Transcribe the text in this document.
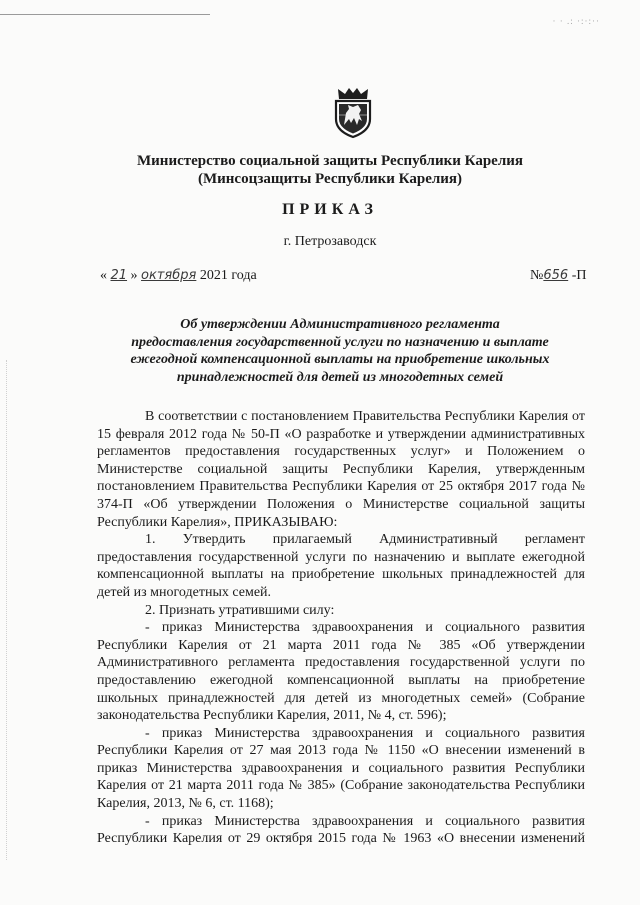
· · .: ·:·:··
Министерство социальной защиты Республики Карелия
(Минсоцзащиты Республики Карелия)
ПРИКАЗ
г. Петрозаводск
« 21 » октября 2021 года	№656 -П
Об утверждении Административного регламента
предоставления государственной услуги по назначению и выплате
ежегодной компенсационной выплаты на приобретение школьных
принадлежностей для детей из многодетных семей

В соответствии с постановлением Правительства Республики Карелия от 15 февраля 2012 года № 50-П «О разработке и утверждении административных регламентов предоставления государственных услуг» и Положением о Министерстве социальной защиты Республики Карелия, утвержденным постановлением Правительства Республики Карелия от 25 октября 2017 года № 374-П «Об утверждении Положения о Министерстве социальной защиты Республики Карелия», ПРИКАЗЫВАЮ:

1. Утвердить прилагаемый Административный регламент предоставления государственной услуги по назначению и выплате ежегодной компенсационной выплаты на приобретение школьных принадлежностей для детей из многодетных семей.

2. Признать утратившими силу:

- приказ Министерства здравоохранения и социального развития Республики Карелия от 21 марта 2011 года № 385 «Об утверждении Административного регламента предоставления государственной услуги по предоставлению ежегодной компенсационной выплаты на приобретение школьных принадлежностей для детей из многодетных семей» (Собрание законодательства Республики Карелия, 2011, № 4, ст. 596);

- приказ Министерства здравоохранения и социального развития Республики Карелия от 27 мая 2013 года № 1150 «О внесении изменений в приказ Министерства здравоохранения и социального развития Республики Карелия от 21 марта 2011 года № 385» (Собрание законодательства Республики Карелия, 2013, № 6, ст. 1168);

- приказ Министерства здравоохранения и социального развития Республики Карелия от 29 октября 2015 года № 1963 «О внесении изменений
